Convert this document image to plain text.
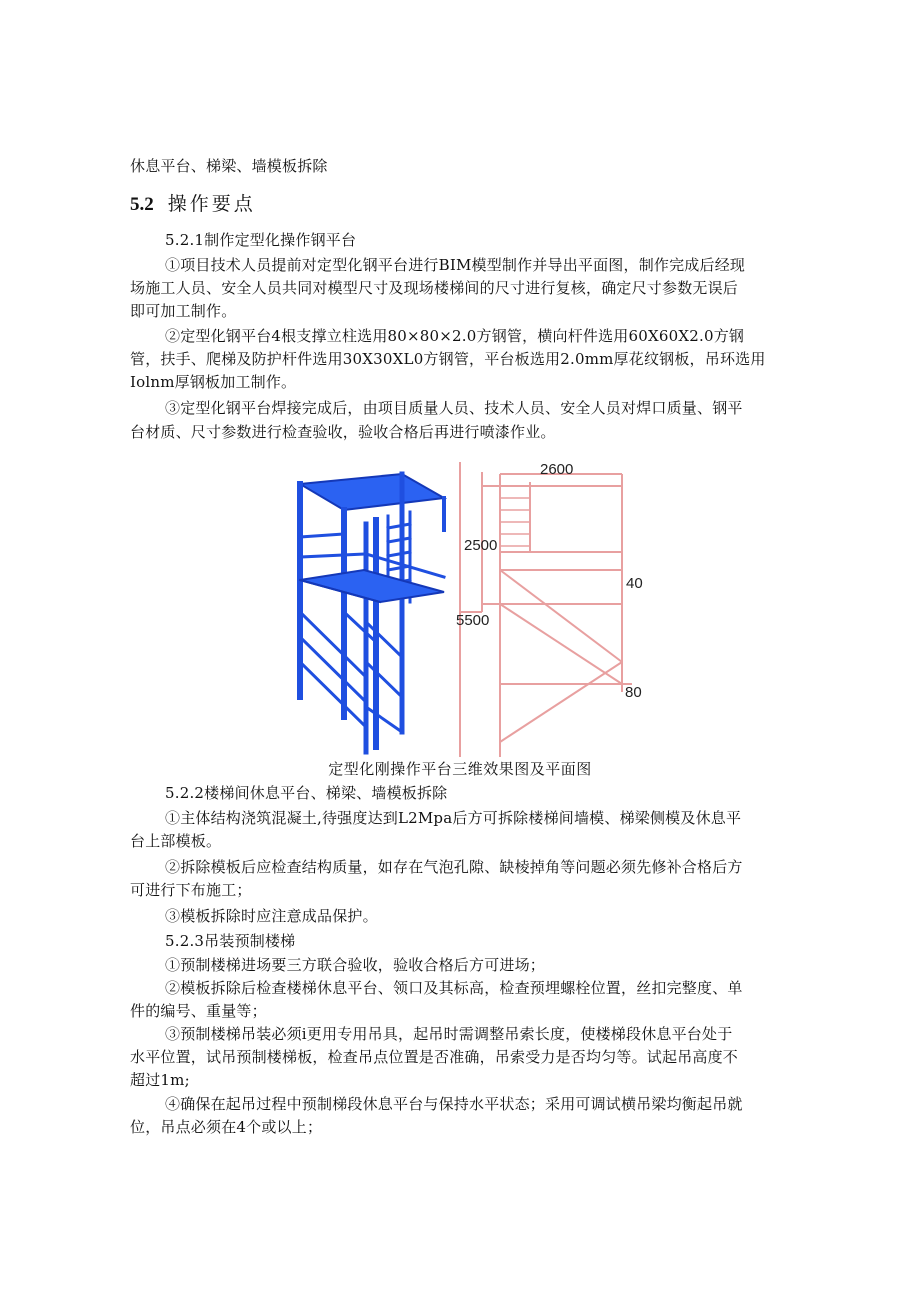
休息平台、梯梁、墙模板拆除
5.2 操作要点
5.2.1制作定型化操作钢平台
①项目技术人员提前对定型化钢平台进行BIM模型制作并导出平面图，制作完成后经现
场施工人员、安全人员共同对模型尺寸及现场楼梯间的尺寸进行复核，确定尺寸参数无误后
即可加工制作。
②定型化钢平台4根支撑立柱选用80×80×2.0方钢管，横向杆件选用60X60X2.0方钢
管，扶手、爬梯及防护杆件选用30X30XL0方钢管，平台板选用2.0mm厚花纹钢板，吊环选用
Iolnm厚钢板加工制作。
③定型化钢平台焊接完成后，由项目质量人员、技术人员、安全人员对焊口质量、钢平
台材质、尺寸参数进行检查验收，验收合格后再进行喷漆作业。
2600
2500
40
5500
80
定型化刚操作平台三维效果图及平面图
5.2.2楼梯间休息平台、梯梁、墙模板拆除
①主体结构浇筑混凝土,待强度达到L2Mpa后方可拆除楼梯间墙模、梯梁侧模及休息平
台上部模板。
②拆除模板后应检查结构质量，如存在气泡孔隙、缺棱掉角等问题必须先修补合格后方
可进行下布施工；
③模板拆除时应注意成品保护。
5.2.3吊装预制楼梯
①预制楼梯进场要三方联合验收，验收合格后方可进场；
②模板拆除后检查楼梯休息平台、领口及其标高，检查预埋螺栓位置，丝扣完整度、单
件的编号、重量等；
③预制楼梯吊装必须i更用专用吊具，起吊时需调整吊索长度，使楼梯段休息平台处于
水平位置，试吊预制楼梯板，检查吊点位置是否准确，吊索受力是否均匀等。试起吊高度不
超过1m;
④确保在起吊过程中预制梯段休息平台与保持水平状态；采用可调试横吊梁均衡起吊就
位，吊点必须在4个或以上；
